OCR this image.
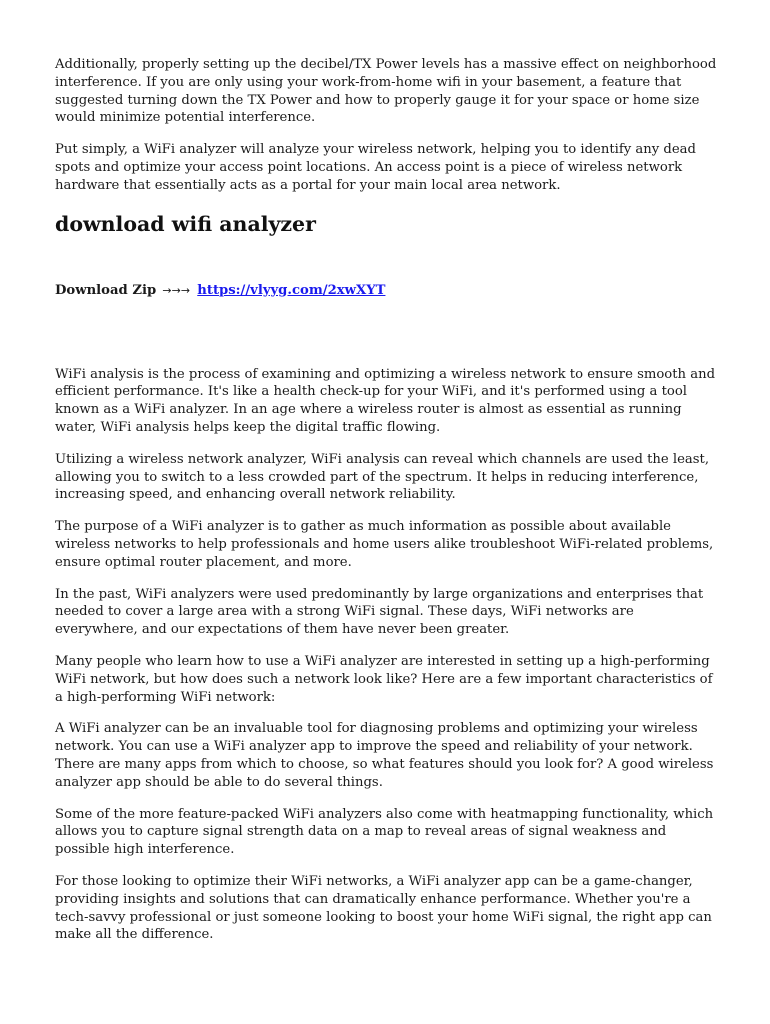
Additionally, properly setting up the decibel/TX Power levels has a massive effect on neighborhood interference. If you are only using your work-from-home wifi in your basement, a feature that suggested turning down the TX Power and how to properly gauge it for your space or home size would minimize potential interference.

Put simply, a WiFi analyzer will analyze your wireless network, helping you to identify any dead spots and optimize your access point locations. An access point is a piece of wireless network hardware that essentially acts as a portal for your main local area network.

download wifi analyzer
Download Zip →→→ https://vlyyg.com/2xwXYT

WiFi analysis is the process of examining and optimizing a wireless network to ensure smooth and efficient performance. It's like a health check-up for your WiFi, and it's performed using a tool known as a WiFi analyzer. In an age where a wireless router is almost as essential as running water, WiFi analysis helps keep the digital traffic flowing.

Utilizing a wireless network analyzer, WiFi analysis can reveal which channels are used the least, allowing you to switch to a less crowded part of the spectrum. It helps in reducing interference, increasing speed, and enhancing overall network reliability.

The purpose of a WiFi analyzer is to gather as much information as possible about available wireless networks to help professionals and home users alike troubleshoot WiFi-related problems, ensure optimal router placement, and more.

In the past, WiFi analyzers were used predominantly by large organizations and enterprises that needed to cover a large area with a strong WiFi signal. These days, WiFi networks are everywhere, and our expectations of them have never been greater.

Many people who learn how to use a WiFi analyzer are interested in setting up a high-performing WiFi network, but how does such a network look like? Here are a few important characteristics of a high-performing WiFi network:

A WiFi analyzer can be an invaluable tool for diagnosing problems and optimizing your wireless network. You can use a WiFi analyzer app to improve the speed and reliability of your network. There are many apps from which to choose, so what features should you look for? A good wireless analyzer app should be able to do several things.

Some of the more feature-packed WiFi analyzers also come with heatmapping functionality, which allows you to capture signal strength data on a map to reveal areas of signal weakness and possible high interference.

For those looking to optimize their WiFi networks, a WiFi analyzer app can be a game-changer, providing insights and solutions that can dramatically enhance performance. Whether you're a tech-savvy professional or just someone looking to boost your home WiFi signal, the right app can make all the difference.
